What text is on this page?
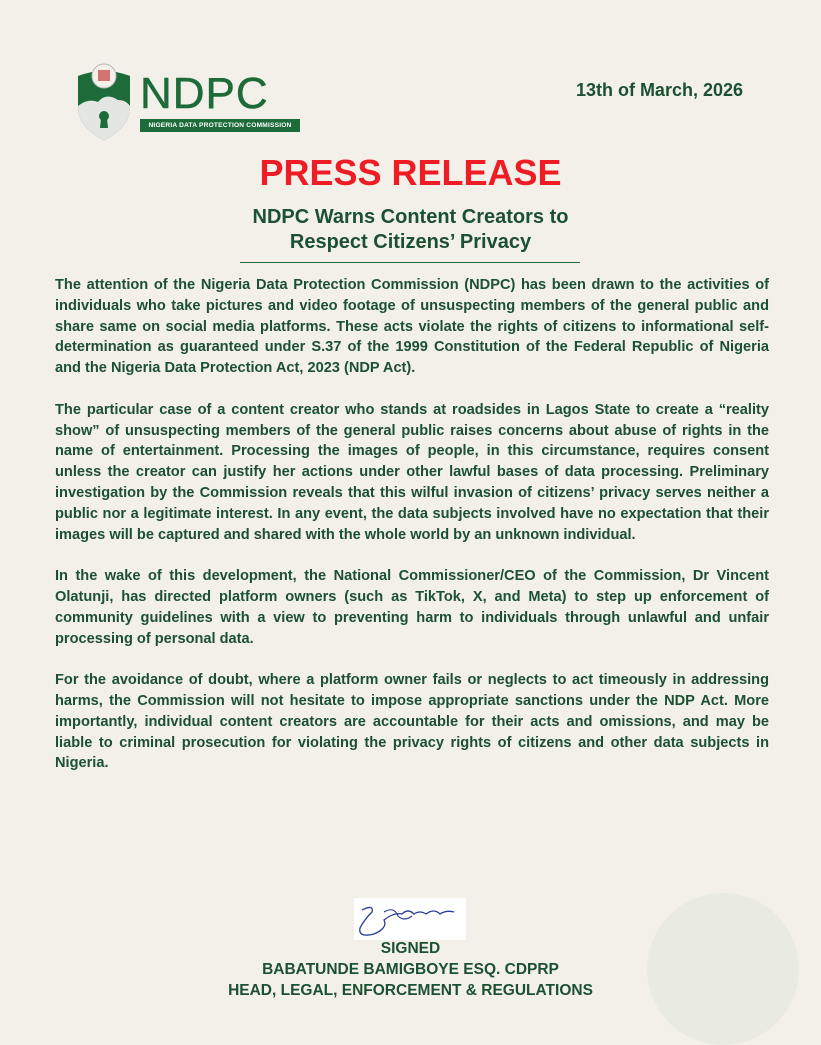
NDPC
NIGERIA DATA PROTECTION COMMISSION
13th of March, 2026
PRESS RELEASE
NDPC Warns Content Creators to
Respect Citizens’ Privacy

The attention of the Nigeria Data Protection Commission (NDPC) has been drawn to the activities of individuals who take pictures and video footage of unsuspecting members of the general public and share same on social media platforms. These acts violate the rights of citizens to informational self-determination as guaranteed under S.37 of the 1999 Constitution of the Federal Republic of Nigeria and the Nigeria Data Protection Act, 2023 (NDP Act).

The particular case of a content creator who stands at roadsides in Lagos State to create a “reality show” of unsuspecting members of the general public raises concerns about abuse of rights in the name of entertainment. Processing the images of people, in this circumstance, requires consent unless the creator can justify her actions under other lawful bases of data processing. Preliminary investigation by the Commission reveals that this wilful invasion of citizens’ privacy serves neither a public nor a legitimate interest. In any event, the data subjects involved have no expectation that their images will be captured and shared with the whole world by an unknown individual.

In the wake of this development, the National Commissioner/CEO of the Commission, Dr Vincent Olatunji, has directed platform owners (such as TikTok, X, and Meta) to step up enforcement of community guidelines with a view to preventing harm to individuals through unlawful and unfair processing of personal data.

For the avoidance of doubt, where a platform owner fails or neglects to act timeously in addressing harms, the Commission will not hesitate to impose appropriate sanctions under the NDP Act. More importantly, individual content creators are accountable for their acts and omissions, and may be liable to criminal prosecution for violating the privacy rights of citizens and other data subjects in Nigeria.

SIGNED
BABATUNDE BAMIGBOYE ESQ. CDPRP
HEAD, LEGAL, ENFORCEMENT & REGULATIONS
